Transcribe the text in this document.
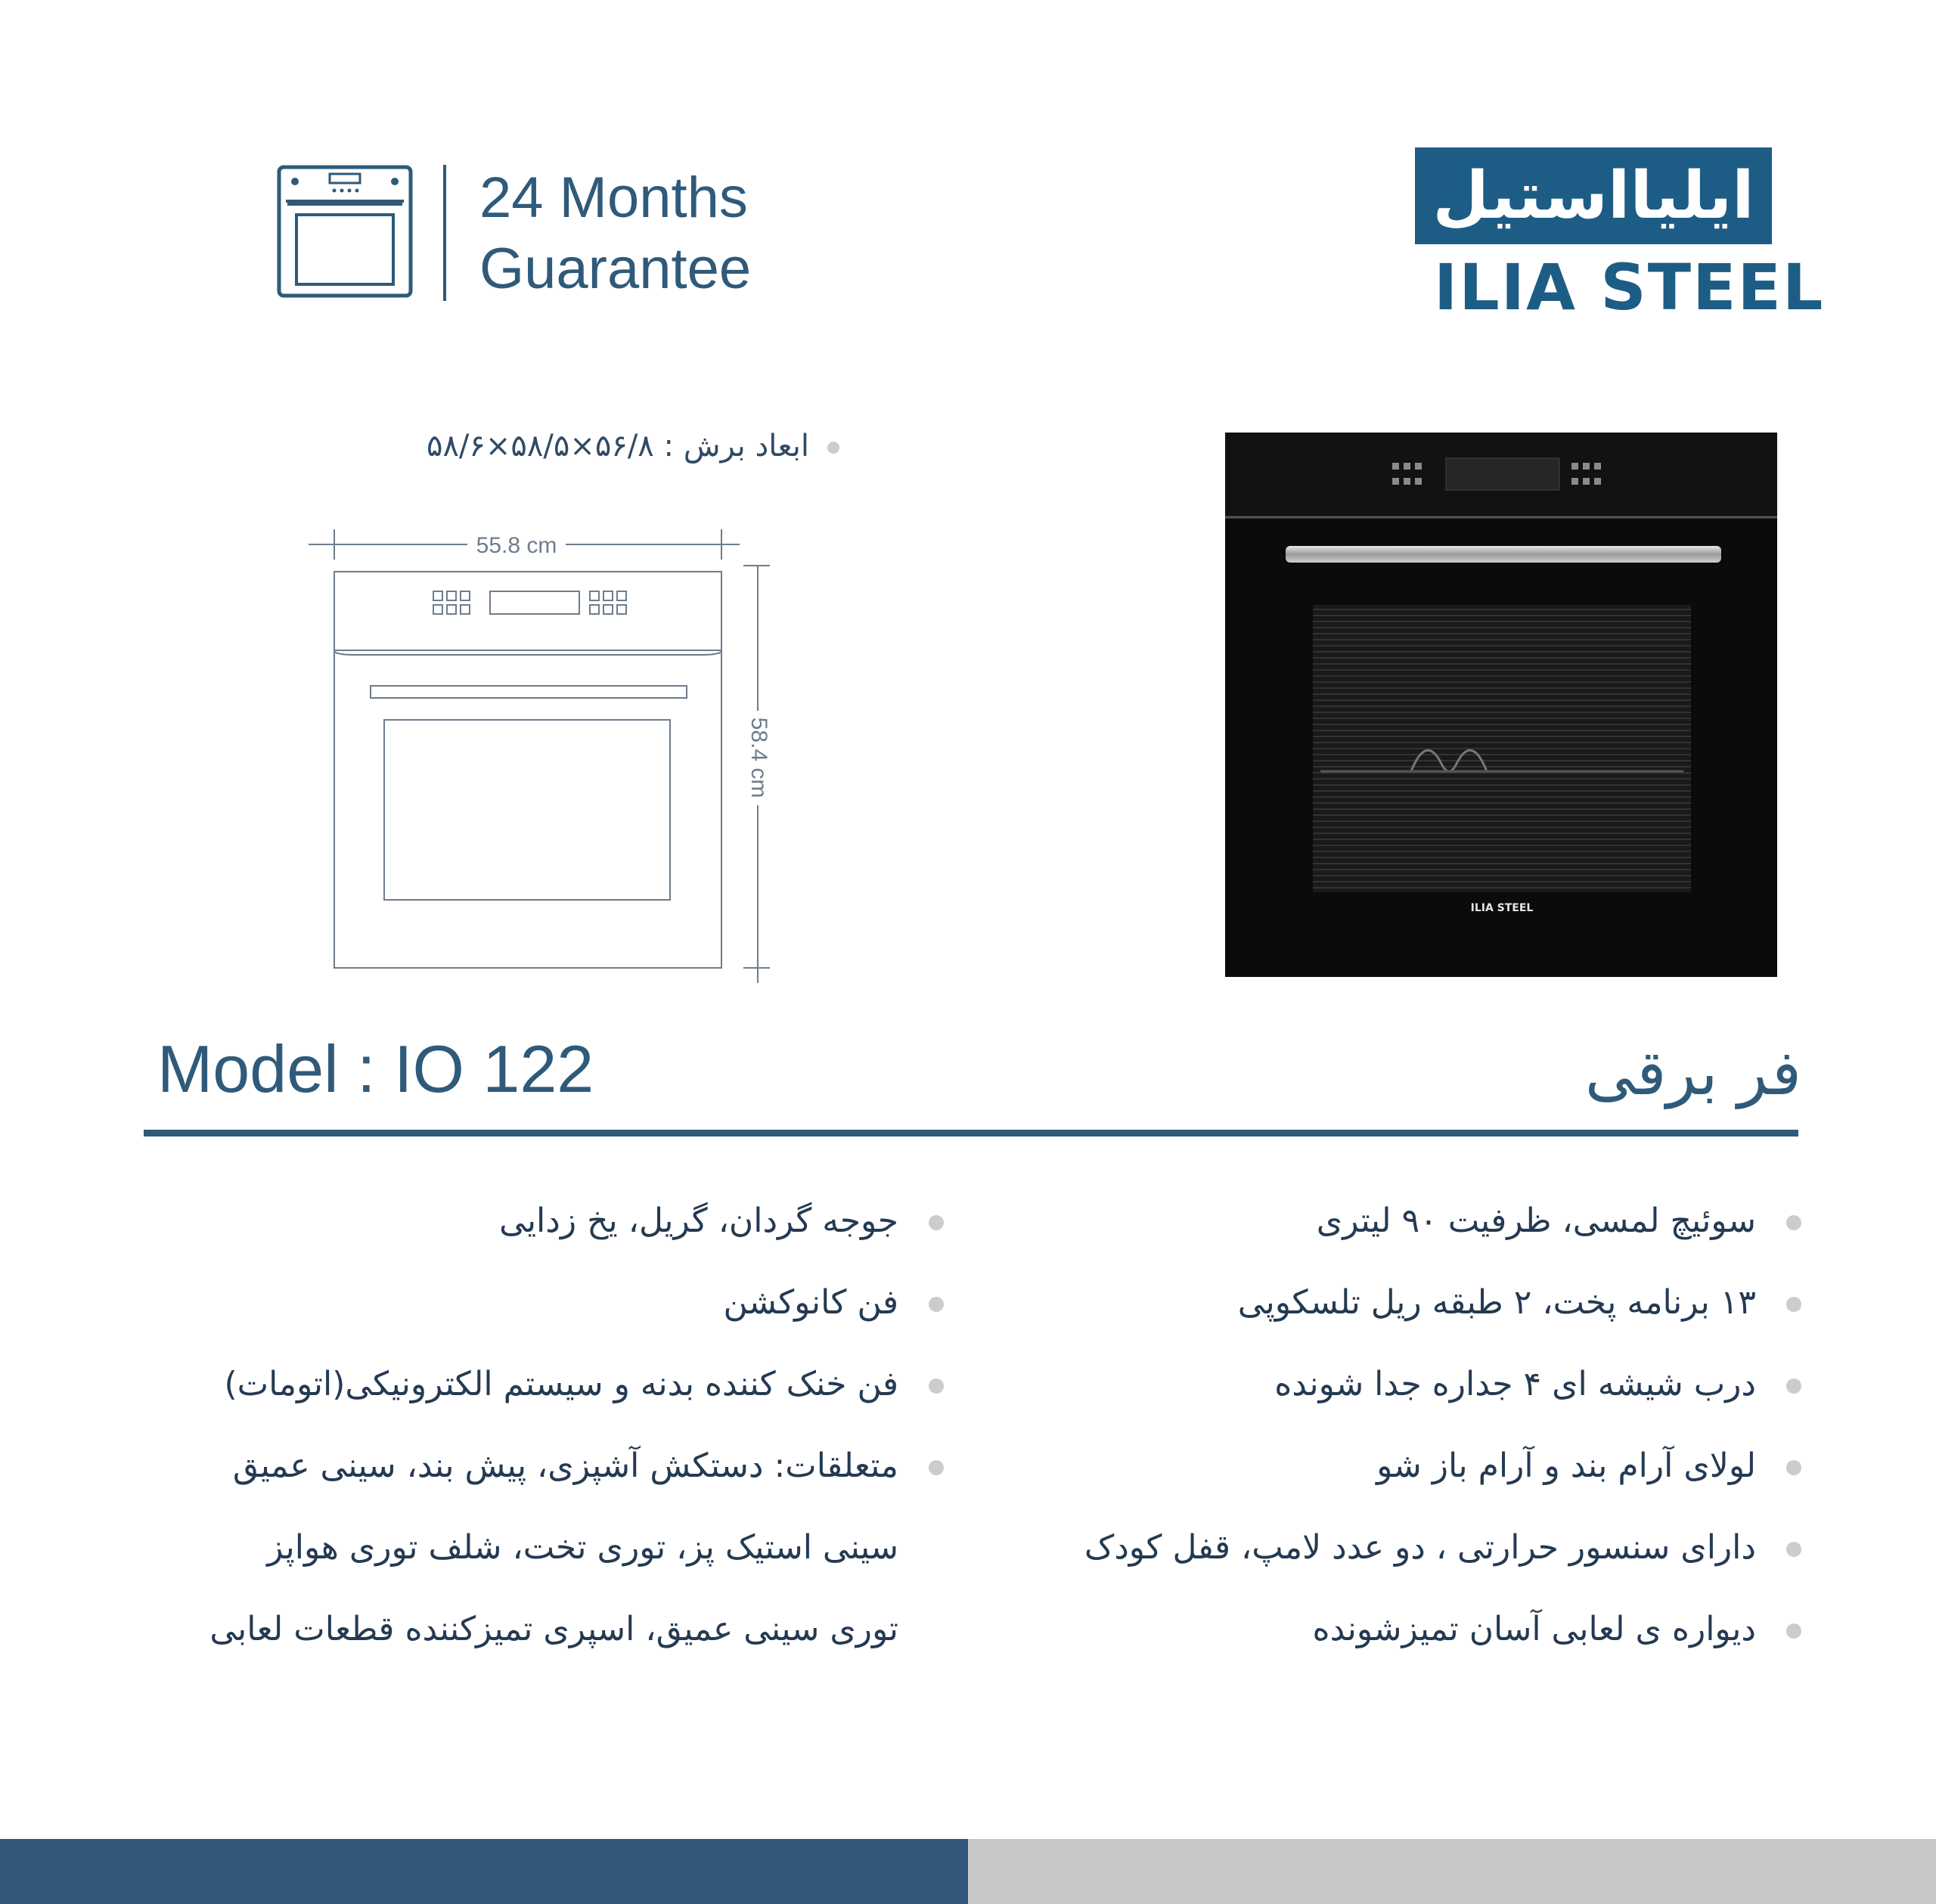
24 Months
Guarantee
ایلیااستیل
ILIA STEEL
ابعاد برش : ۵۶/۸×۵۸/۵×۵۸/۶
55.8 cm
58.4 cm
ILIA STEEL
Model : IO 122	فر برقی
سوئیچ لمسی، ظرفیت ۹۰ لیتری
۱۳ برنامه پخت، ۲ طبقه ریل تلسکوپی
درب شیشه ای ۴ جداره جدا شونده
لولای آرام بند و آرام باز شو
دارای سنسور حرارتی ، دو عدد لامپ، قفل کودک
دیواره ی لعابی آسان تمیزشونده
جوجه گردان، گریل، یخ زدایی
فن کانوکشن
فن خنک کننده بدنه و سیستم الکترونیکی(اتومات)
متعلقات: دستکش آشپزی، پیش بند، سینی عمیق
سینی استیک پز، توری تخت، شلف توری هواپز
توری سینی عمیق، اسپری تمیزکننده قطعات لعابی
